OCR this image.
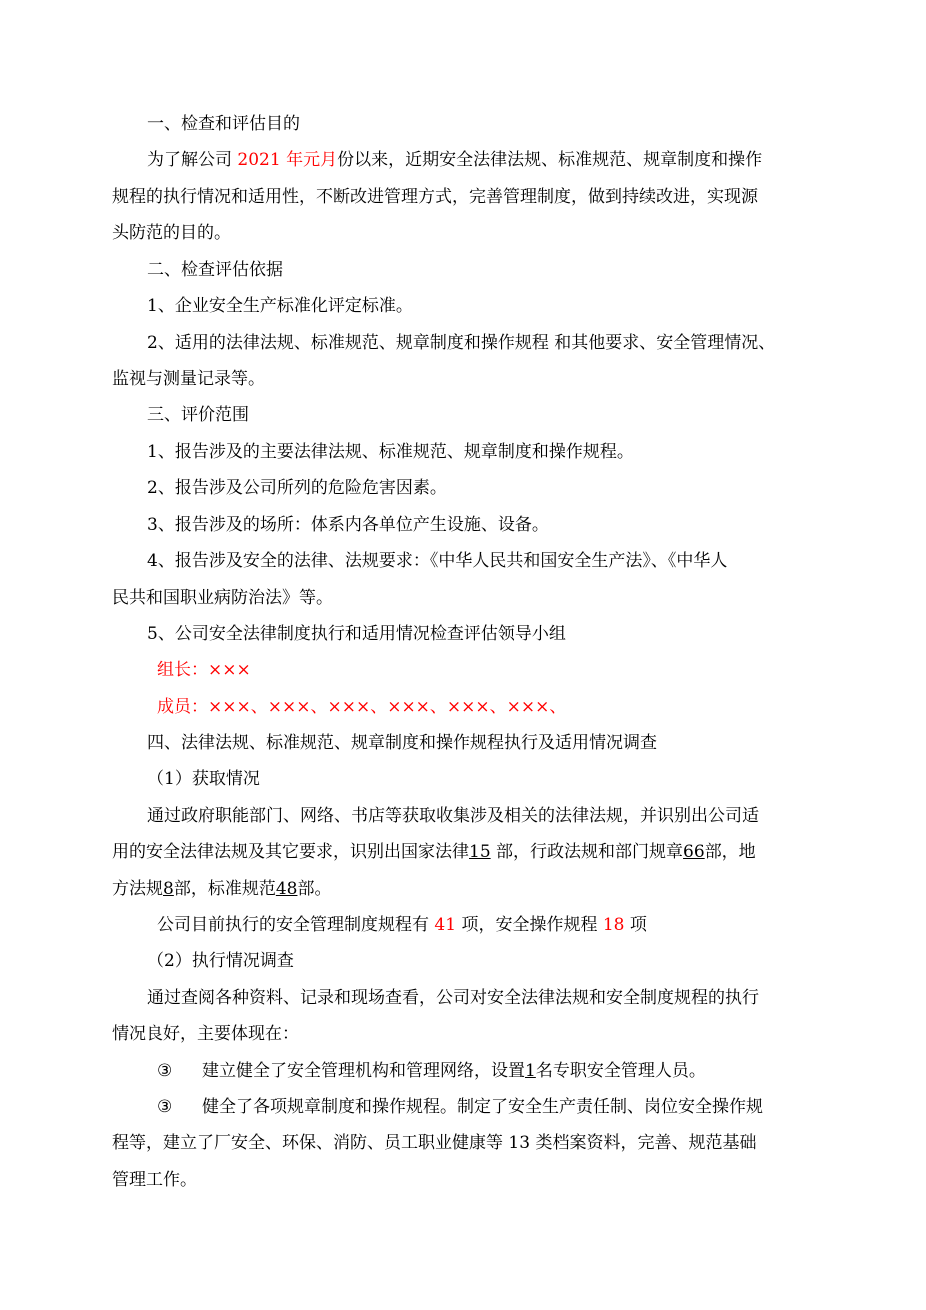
一、检查和评估目的
为了解公司 2021 年元月份以来，近期安全法律法规、标准规范、规章制度和操作
规程的执行情况和适用性，不断改进管理方式，完善管理制度，做到持续改进，实现源
头防范的目的。
二、检查评估依据
1、企业安全生产标准化评定标准。
2、适用的法律法规、标准规范、规章制度和操作规程 和其他要求、安全管理情况、
监视与测量记录等。
三、评价范围
1、报告涉及的主要法律法规、标准规范、规章制度和操作规程。
2、报告涉及公司所列的危险危害因素。
3、报告涉及的场所：体系内各单位产生设施、设备。
4、报告涉及安全的法律、法规要求：《中华人民共和国安全生产法》、《中华人
民共和国职业病防治法》等。
5、公司安全法律制度执行和适用情况检查评估领导小组
组长：×××
成员：×××、×××、×××、×××、×××、×××、
四、法律法规、标准规范、规章制度和操作规程执行及适用情况调查
（1）获取情况
通过政府职能部门、网络、书店等获取收集涉及相关的法律法规，并识别出公司适
用的安全法律法规及其它要求，识别出国家法律15 部，行政法规和部门规章66部，地
方法规8部，标准规范48部。
公司目前执行的安全管理制度规程有 41 项，安全操作规程 18 项
（2）执行情况调查
通过查阅各种资料、记录和现场查看，公司对安全法律法规和安全制度规程的执行
情况良好，主要体现在：
③ 建立健全了安全管理机构和管理网络，设置1名专职安全管理人员。
③ 健全了各项规章制度和操作规程。制定了安全生产责任制、岗位安全操作规
程等，建立了厂安全、环保、消防、员工职业健康等 13 类档案资料，完善、规范基础
管理工作。
